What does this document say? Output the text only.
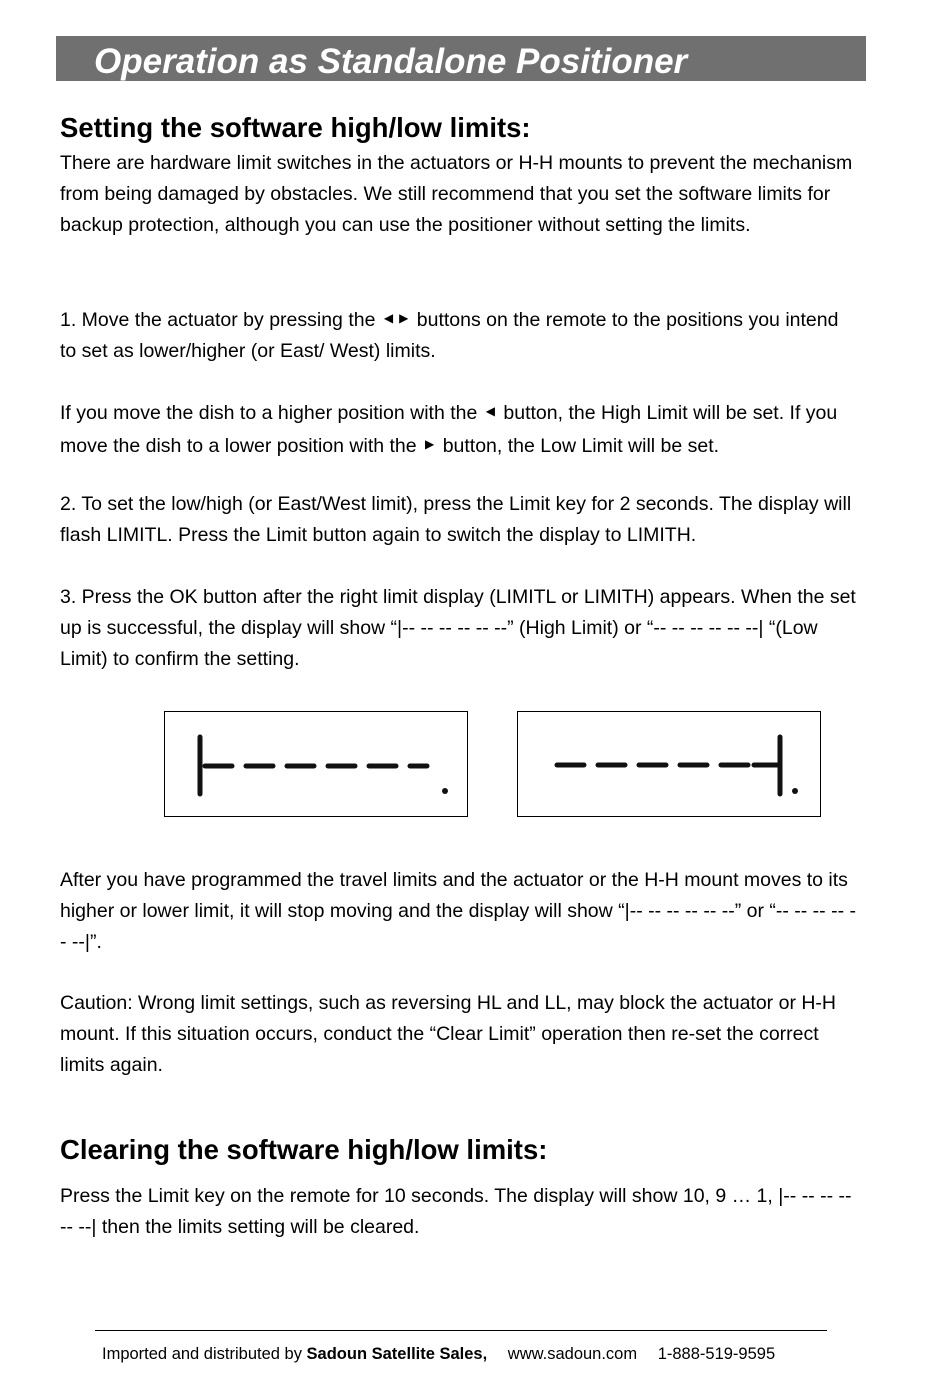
Operation as Standalone Positioner
Setting the software high/low limits:

There are hardware limit switches in the actuators or H-H mounts to prevent the mechanism from being damaged by obstacles. We still recommend that you set the software limits for backup protection, although you can use the positioner without setting the limits.

1. Move the actuator by pressing the ◀ ▶ buttons on the remote to the positions you intend to set as lower/higher (or East/ West) limits.

If you move the dish to a higher position with the ◀ button, the High Limit will be set. If you move the dish to a lower position with the ▶ button, the Low Limit will be set.

2. To set the low/high (or East/West limit), press the Limit key for 2 seconds. The display will flash LIMITL. Press the Limit button again to switch the display to LIMITH.

3. Press the OK button after the right limit display (LIMITL or LIMITH) appears. When the set up is successful, the display will show “|-- -- -- -- -- --” (High Limit) or “-- -- -- -- -- --| “(Low Limit) to confirm the setting.

After you have programmed the travel limits and the actuator or the H-H mount moves to its higher or lower limit, it will stop moving and the display will show “|-- -- -- -- -- --” or “-- -- -- -- -- --|”.

Caution: Wrong limit settings, such as reversing HL and LL, may block the actuator or H-H mount. If this situation occurs, conduct the “Clear Limit” operation then re-set the correct limits again.

Clearing the software high/low limits:

Press the Limit key on the remote for 10 seconds. The display will show 10, 9 … 1, |-- -- -- -- -- --| then the limits setting will be cleared.

Imported and distributed by Sadoun Satellite Sales, www.sadoun.com 1-888-519-9595
